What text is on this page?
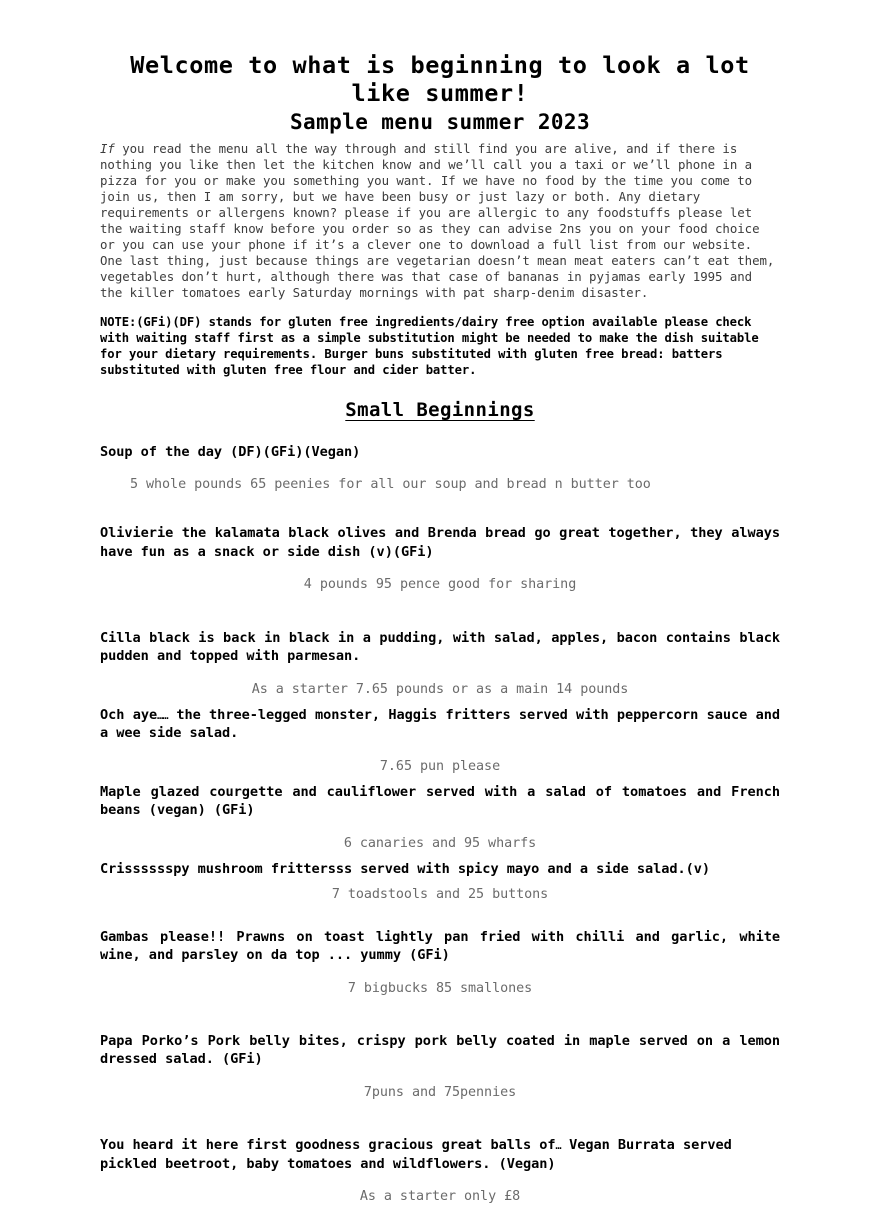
Welcome to what is beginning to look a lot like summer!
Sample menu summer 2023

If you read the menu all the way through and still find you are alive, and if there is nothing you like then let the kitchen know and we’ll call you a taxi or we’ll phone in a pizza for you or make you something you want. If we have no food by the time you come to join us, then I am sorry, but we have been busy or just lazy or both. Any dietary requirements or allergens known? please if you are allergic to any foodstuffs please let the waiting staff know before you order so as they can advise 2ns you on your food choice or you can use your phone if it’s a clever one to download a full list from our website. One last thing, just because things are vegetarian doesn’t mean meat eaters can’t eat them, vegetables don’t hurt, although there was that case of bananas in pyjamas early 1995 and the killer tomatoes early Saturday mornings with pat sharp-denim disaster.

NOTE:(GFi)(DF) stands for gluten free ingredients/dairy free option available please check with waiting staff first as a simple substitution might be needed to make the dish suitable for your dietary requirements. Burger buns substituted with gluten free bread: batters substituted with gluten free flour and cider batter.

Small Beginnings

Soup of the day (DF)(GFi)(Vegan)

5 whole pounds 65 peenies for all our soup and bread n butter too

Olivierie the kalamata black olives and Brenda bread go great together, they always have fun as a snack or side dish (v)(GFi)

4 pounds 95 pence good for sharing

Cilla black is back in black in a pudding, with salad, apples, bacon contains black pudden and topped with parmesan.

As a starter 7.65 pounds or as a main 14 pounds

Och aye…… the three-legged monster, Haggis fritters served with peppercorn sauce and a wee side salad.

7.65 pun please

Maple glazed courgette and cauliflower served with a salad of tomatoes and French beans (vegan) (GFi)

6 canaries and 95 wharfs

Crisssssspy mushroom frittersss served with spicy mayo and a side salad.(v)

7 toadstools and 25 buttons

Gambas please!! Prawns on toast lightly pan fried with chilli and garlic, white wine, and parsley on da top ... yummy (GFi)

7 bigbucks 85 smallones

Papa Porko’s Pork belly bites, crispy pork belly coated in maple served on a lemon dressed salad. (GFi)

7puns and 75pennies

You heard it here first goodness gracious great balls of… Vegan Burrata served pickled beetroot, baby tomatoes and wildflowers. (Vegan)

As a starter only £8
